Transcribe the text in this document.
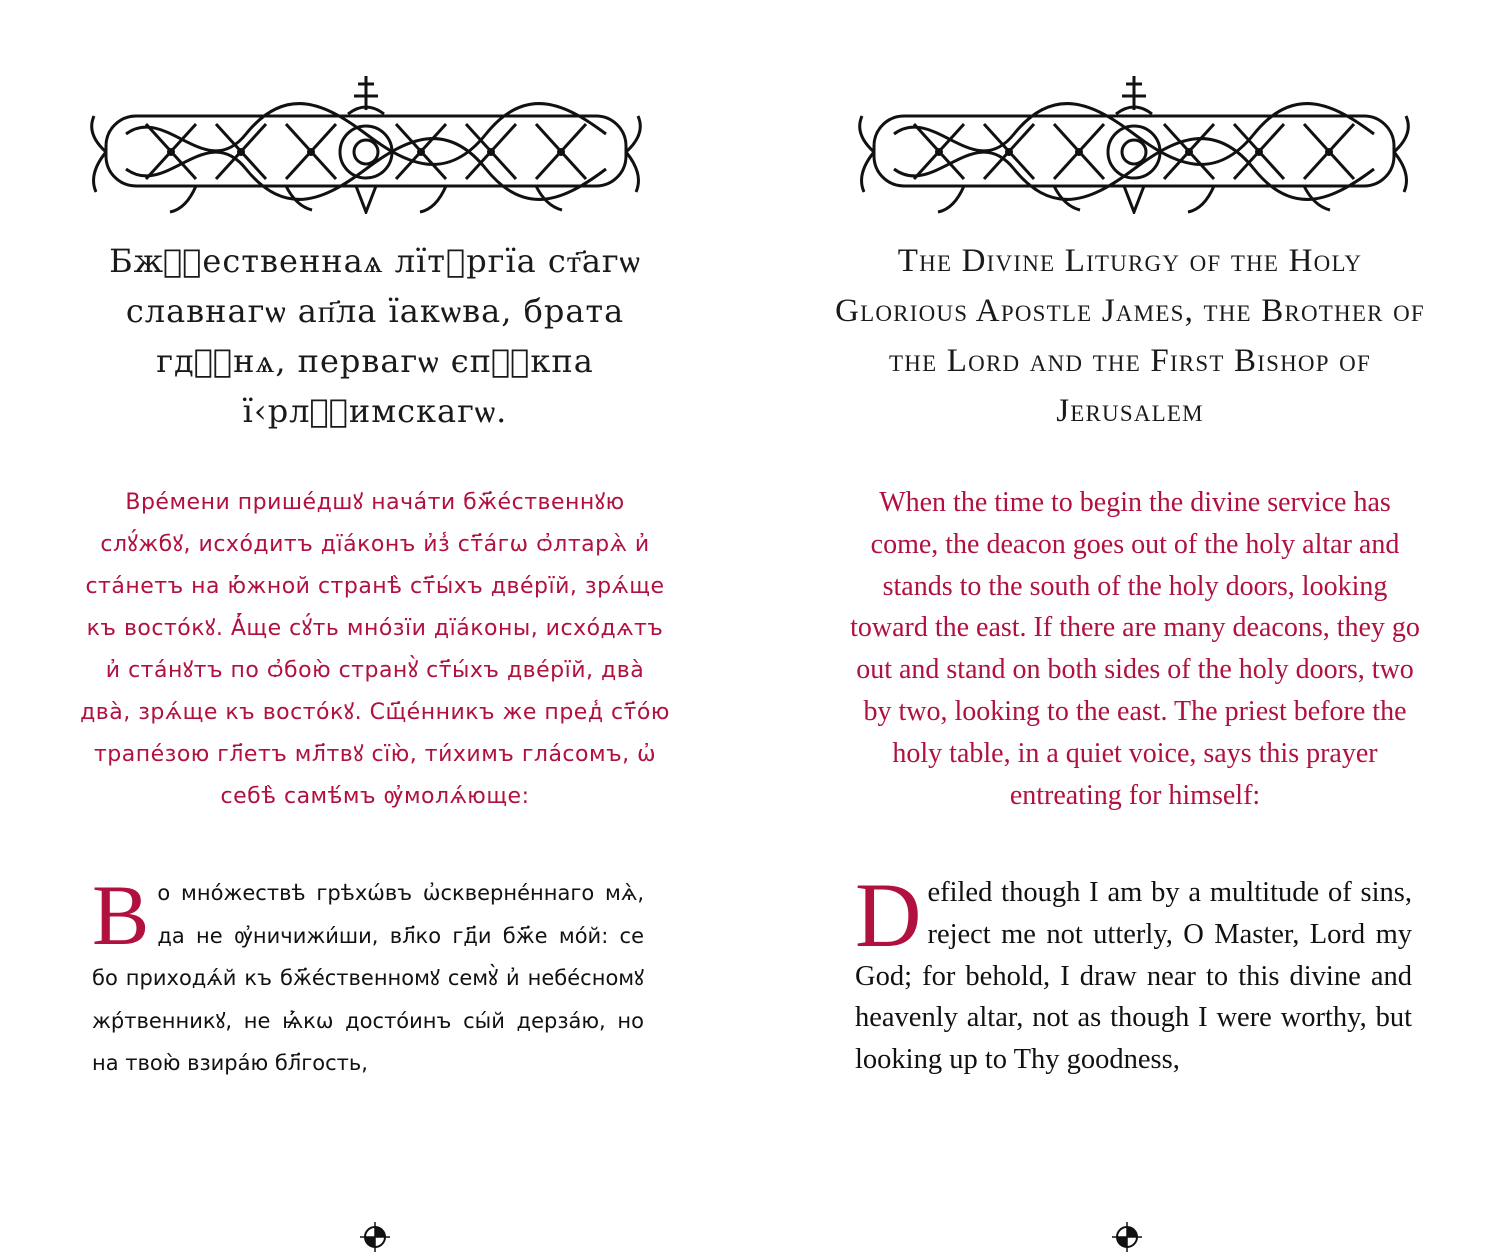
Бжⷭ҇ественнаѧ лїтꙋргїа ст҃агѡ славнагѡ ап҃ла їакѡва, брата гдⷭ҇нѧ, первагѡ єпⷭ҇кпа ї‹рлⷭ҇имскагѡ.

Вре́мени прише́дшꙋ нача́ти бж҃е́ственнꙋю слꙋ́жбꙋ, исхо́дитъ дїа́конъ и҆з̾ ст҃а́гѡ ѻ҆лтарѧ̀ и҆ ста́нетъ на ю҆́жной странѣ̀ ст҃ы́хъ две́рїй, зрѧ́ще къ восто́кꙋ. А҆́ще сꙋ́ть мно́зїи дїа́коны, исхо́дѧтъ и҆ ста́нꙋтъ по ѻ҆бою̀ странꙋ̀ ст҃ы́хъ две́рїй, два̀ два̀, зрѧ́ще къ восто́кꙋ. Сщ҃е́нникъ же пред̾ ст҃о́ю трапе́зою гл҃етъ мл҃твꙋ сїю̀, ти́химъ гла́сомъ, ѡ҆ себѣ̀ самѣ́мъ ѹ҆молѧ́юще:

В о мно́жествѣ грѣхѡ́въ ѡ҆скверне́ннаго мѧ̀, да не ѹ҆ничижи́ши, вл҃ко гд҃и бж҃е мо́й: се бо приходѧ́й къ бж҃е́ственномꙋ семꙋ̀ и҆ небе́сномꙋ жр́твенникꙋ, не ѩ҆́кѡ досто́инъ сы́й дерза́ю, но на твою̀ взира́ю бл҃гость,

The Divine Liturgy of the Holy Glorious Apostle James, the Brother of the Lord and the First Bishop of Jerusalem

When the time to begin the divine service has come, the deacon goes out of the holy altar and stands to the south of the holy doors, looking toward the east. If there are many deacons, they go out and stand on both sides of the holy doors, two by two, looking to the east. The priest before the holy table, in a quiet voice, says this prayer entreating for himself:

D efiled though I am by a multitude of sins, reject me not utterly, O Master, Lord my God; for behold, I draw near to this divine and heavenly altar, not as though I were worthy, but looking up to Thy goodness,
